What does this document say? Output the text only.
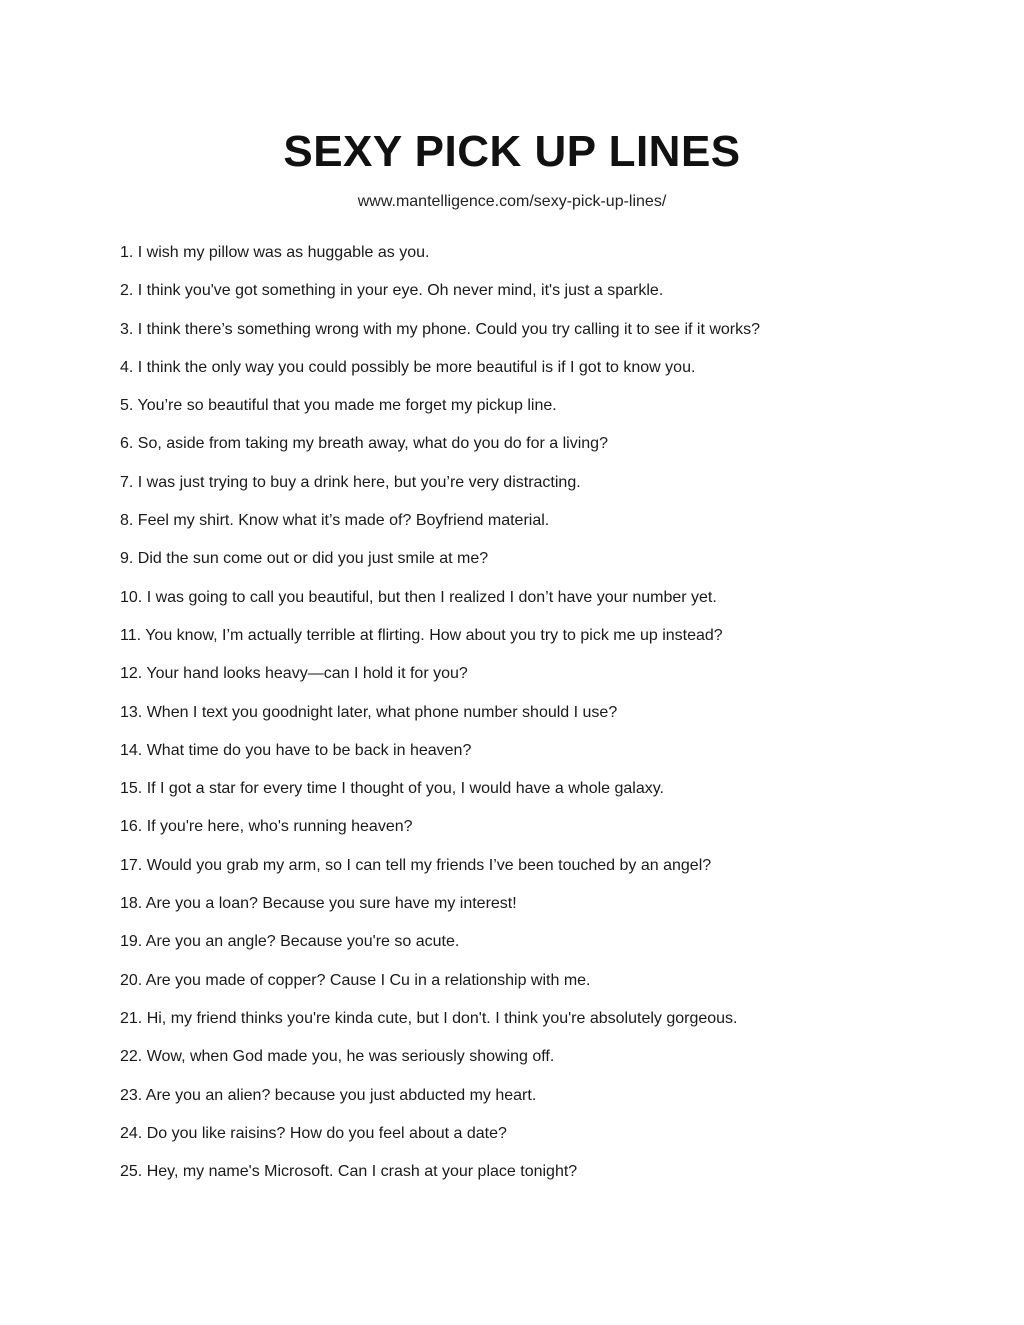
SEXY PICK UP LINES
www.mantelligence.com/sexy-pick-up-lines/
1. I wish my pillow was as huggable as you.
2. I think you've got something in your eye. Oh never mind, it's just a sparkle.
3. I think there’s something wrong with my phone. Could you try calling it to see if it works?
4. I think the only way you could possibly be more beautiful is if I got to know you.
5. You’re so beautiful that you made me forget my pickup line.
6. So, aside from taking my breath away, what do you do for a living?
7. I was just trying to buy a drink here, but you’re very distracting.
8. Feel my shirt. Know what it’s made of? Boyfriend material.
9. Did the sun come out or did you just smile at me?
10. I was going to call you beautiful, but then I realized I don’t have your number yet.
11. You know, I’m actually terrible at flirting. How about you try to pick me up instead?
12. Your hand looks heavy—can I hold it for you?
13. When I text you goodnight later, what phone number should I use?
14. What time do you have to be back in heaven?
15. If I got a star for every time I thought of you, I would have a whole galaxy.
16. If you're here, who's running heaven?
17. Would you grab my arm, so I can tell my friends I’ve been touched by an angel?
18. Are you a loan? Because you sure have my interest!
19. Are you an angle? Because you're so acute.
20. Are you made of copper? Cause I Cu in a relationship with me.
21. Hi, my friend thinks you're kinda cute, but I don't. I think you're absolutely gorgeous.
22. Wow, when God made you, he was seriously showing off.
23. Are you an alien? because you just abducted my heart.
24. Do you like raisins? How do you feel about a date?
25. Hey, my name's Microsoft. Can I crash at your place tonight?
